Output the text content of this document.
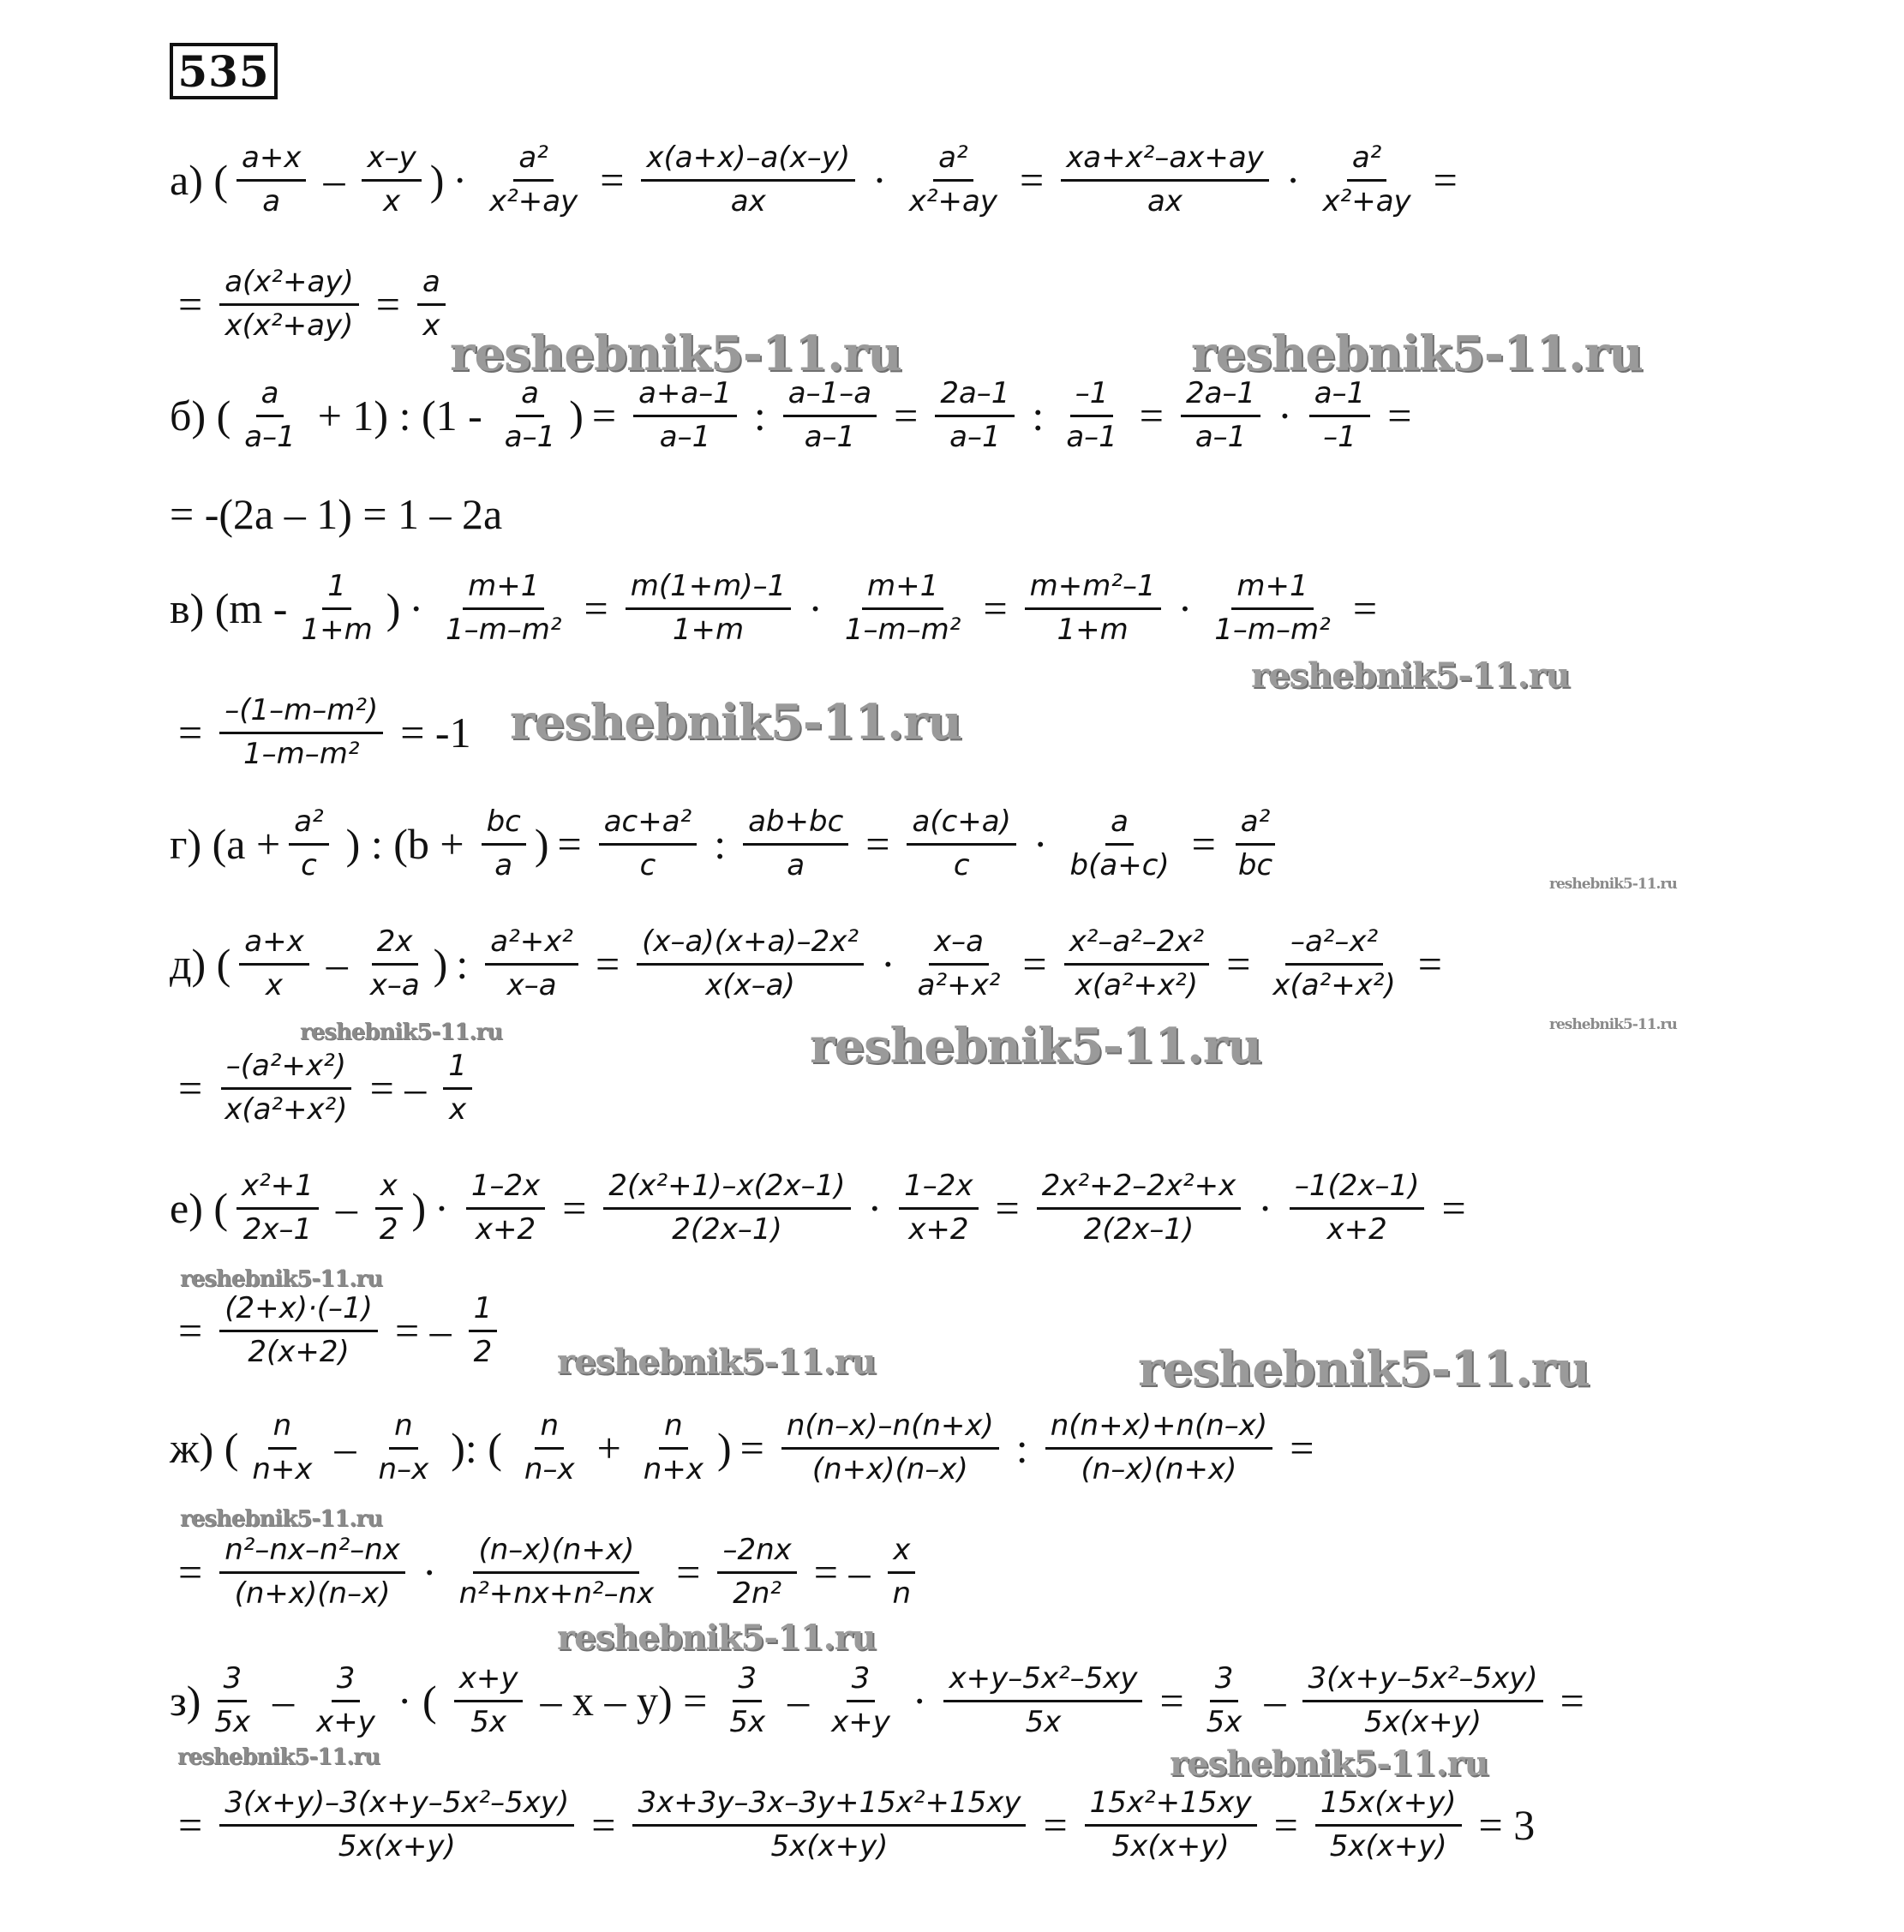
535
а) ( $\frac{a+x}{a} - \frac{x-y}{x}$ ) · $\frac{\text{a²}}{\text{x²+ay}} = \frac{x(a+x)-a(x-y)}{ax} \cdot \frac{\text{a²}}{\text{x²+ay}} = \frac{\text{xa+x²–ax+ay}}{ax} \cdot \frac{\text{a²}}{\text{x²+ay}}$ =
= $\frac{\text{a(x²+ay)}}{\text{x(x²+ay)}} = \frac{a}{x}$
б) ( $\frac{a}{a-1} + 1$) : ($1 - \frac{a}{a-1}$ ) = $\frac{a+a-1}{a-1}$ : $\frac{a-1-a}{a-1} = \frac{2a-1}{a-1}$ : $\frac{-1}{a-1} = \frac{2a-1}{a-1} \cdot \frac{a-1}{-1}$ =
= -(2a – 1) = 1 – 2a
в) ($m - \frac{1}{1+m}$ ) · $\frac{m+1}{\text{1–m–m²}} = \frac{m(1+m)-1}{1+m} \cdot \frac{m+1}{\text{1–m–m²}} = \frac{\text{m+m²–1}}{1+m} \cdot \frac{m+1}{\text{1–m–m²}}$ =
= $\frac{\text{–(1–m–m²)}}{\text{1–m–m²}} = -1$
г) ($a + \frac{\text{a²}}{c}$ ) : ($b + \frac{bc}{a}$ ) = $\frac{\text{ac+a²}}{c}$ : $\frac{ab+bc}{a} = \frac{a(c+a)}{c} \cdot \frac{a}{b(a+c)} = \frac{\text{a²}}{bc}$
д) ( $\frac{a+x}{x} - \frac{2x}{x-a}$ ) : $\frac{\text{a²+x²}}{x-a} = \frac{\text{(x–a)(x+a)–2x²}}{x(x-a)} \cdot \frac{x-a}{\text{a²+x²}} = \frac{\text{x²–a²–2x²}}{\text{x(a²+x²)}} = \frac{\text{–a²–x²}}{\text{x(a²+x²)}}$ =
= $\frac{\text{–(a²+x²)}}{\text{x(a²+x²)}}$ = – $\frac{1}{x}$
е) ( $\frac{\text{x²+1}}{2x-1} - \frac{x}{2}$ ) · $\frac{1-2x}{x+2} = \frac{\text{2(x²+1)–x(2x–1)}}{2(2x-1)} \cdot \frac{1-2x}{x+2} = \frac{\text{2x²+2–2x²+x}}{2(2x-1)} \cdot \frac{-1(2x-1)}{x+2}$ =
= $\frac{(2+x)\cdot(-1)}{2(x+2)}$ = – $\frac{1}{2}$
ж) ( $\frac{n}{n+x} - \frac{n}{n-x}$ ): ( $\frac{n}{n-x} + \frac{n}{n+x}$ ) = $\frac{n(n-x)-n(n+x)}{(n+x)(n-x)}$ : $\frac{n(n+x)+n(n-x)}{(n-x)(n+x)}$ =
= $\frac{\text{n²–nx–n²–nx}}{(n+x)(n-x)} \cdot \frac{(n-x)(n+x)}{\text{n²+nx+n²–nx}} = \frac{-2nx}{\text{2n²}}$ = – $\frac{x}{n}$
$з) \frac{3}{5x} - \frac{3}{x+y}$ · ( $\frac{x+y}{5x} - x - y) = \frac{3}{5x} - \frac{3}{x+y} \cdot \frac{\text{x+y–5x²–5xy}}{5x} = \frac{3}{5x} - \frac{\text{3(x+y–5x²–5xy)}}{5x(x+y)}$ =
= $\frac{\text{3(x+y)–3(x+y–5x²–5xy)}}{5x(x+y)} = \frac{\text{3x+3y–3x–3y+15x²+15xy}}{5x(x+y)} = \frac{\text{15x²+15xy}}{5x(x+y)} = \frac{15x(x+y)}{5x(x+y)} = 3$
reshebnik5-11.ru	reshebnik5-11.ru
reshebnik5-11.ru
reshebnik5-11.ru
reshebnik5-11.ru
reshebnik5-11.ru	reshebnik5-11.ru
reshebnik5-11.ru
reshebnik5-11.ru
reshebnik5-11.ru	reshebnik5-11.ru
reshebnik5-11.ru
reshebnik5-11.ru
reshebnik5-11.ru	reshebnik5-11.ru
